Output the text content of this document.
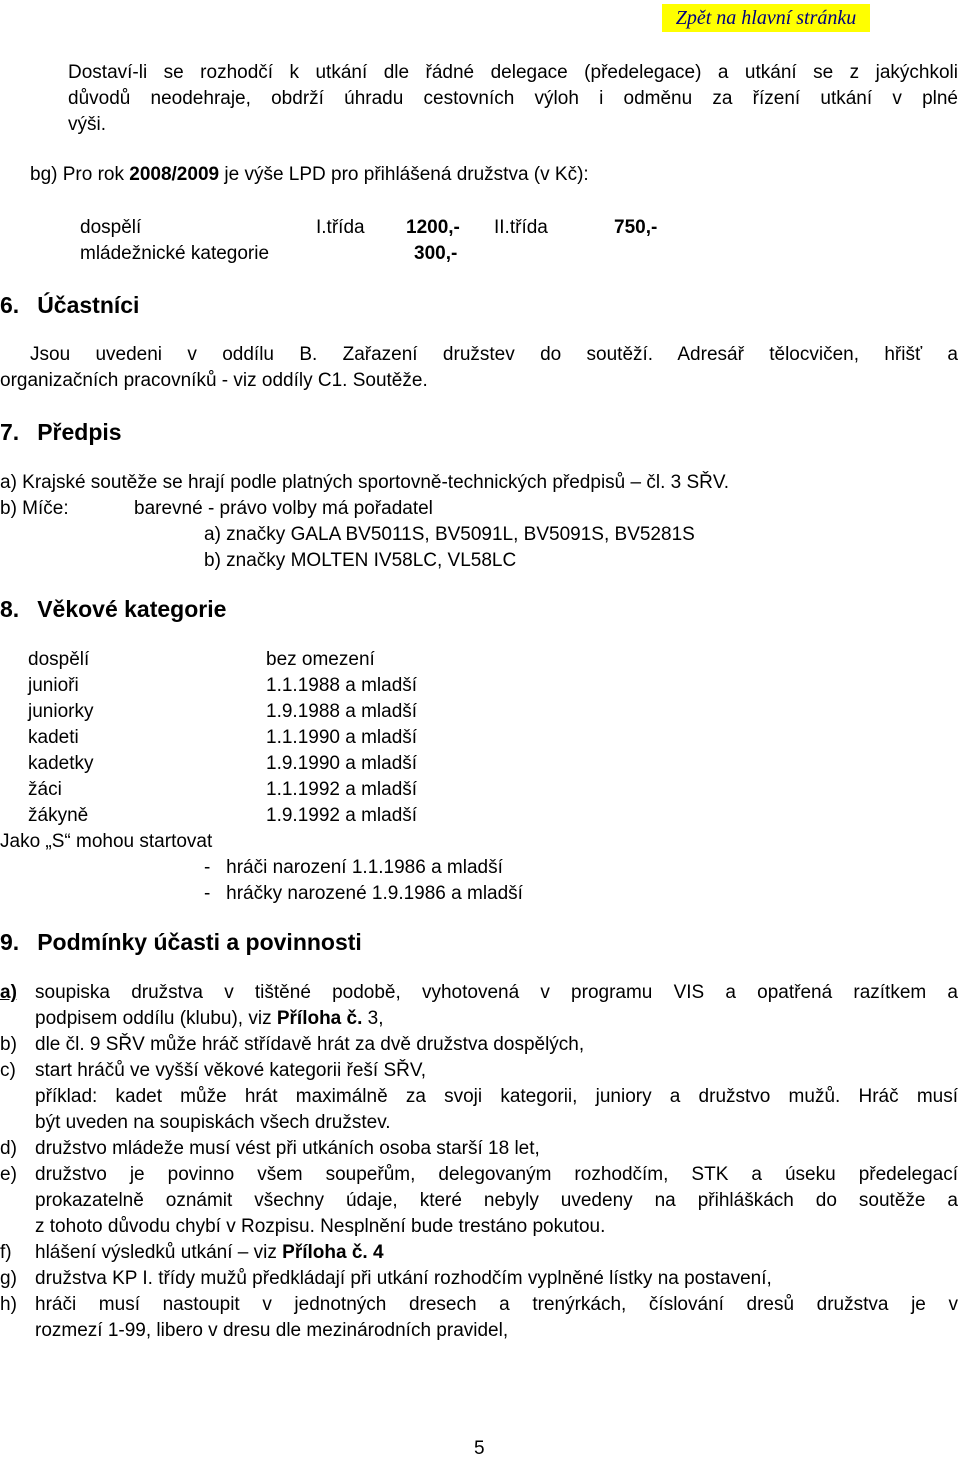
Zpět na hlavní stránku
Dostaví-li se rozhodčí k utkání dle řádné delegace (předelegace) a utkání se z jakýchkoli
důvodů neodehraje, obdrží úhradu cestovních výloh i odměnu za řízení utkání v plné
výši.
bg) Pro rok 2008/2009 je výše LPD pro přihlášená družstva (v Kč):
dospělí	I.třída 1200,- II.třída	750,-
mládežnické kategorie	300,-
6. Účastníci
Jsou uvedeni v oddílu B. Zařazení družstev do soutěží. Adresář tělocvičen, hřišť a
organizačních pracovníků - viz oddíly C1. Soutěže.
7. Předpis
a) Krajské soutěže se hrají podle platných sportovně-technických předpisů – čl. 3 SŘV.
b) Míče:	barevné - právo volby má pořadatel
a) značky GALA BV5011S, BV5091L, BV5091S, BV5281S
b) značky MOLTEN IV58LC, VL58LC
8. Věkové kategorie
dospělí	bez omezení
junioři	1.1.1988 a mladší
juniorky	1.9.1988 a mladší
kadeti	1.1.1990 a mladší
kadetky	1.9.1990 a mladší
žáci	1.1.1992 a mladší
žákyně	1.9.1992 a mladší
Jako „S“ mohou startovat
-   hráči narození 1.1.1986 a mladší
-   hráčky narozené 1.9.1986 a mladší
9. Podmínky účasti a povinnosti
a) soupiska družstva v tištěné podobě, vyhotovená v programu VIS a opatřená razítkem a
podpisem oddílu (klubu), viz Příloha č. 3,
b) dle čl. 9 SŘV může hráč střídavě hrát za dvě družstva dospělých,
c) start hráčů ve vyšší věkové kategorii řeší SŘV,
příklad: kadet může hrát maximálně za svoji kategorii, juniory a družstvo mužů. Hráč musí
být uveden na soupiskách všech družstev.
d) družstvo mládeže musí vést při utkáních osoba starší 18 let,
e) družstvo je povinno všem soupeřům, delegovaným rozhodčím, STK a úseku předelegací
prokazatelně oznámit všechny údaje, které nebyly uvedeny na přihláškách do soutěže a
z tohoto důvodu chybí v Rozpisu. Nesplnění bude trestáno pokutou.
f) hlášení výsledků utkání – viz Příloha č. 4
g) družstva KP I. třídy mužů předkládají při utkání rozhodčím vyplněné lístky na postavení,
h) hráči musí nastoupit v jednotných dresech a trenýrkách, číslování dresů družstva je v
rozmezí 1-99, libero v dresu dle mezinárodních pravidel,
5
